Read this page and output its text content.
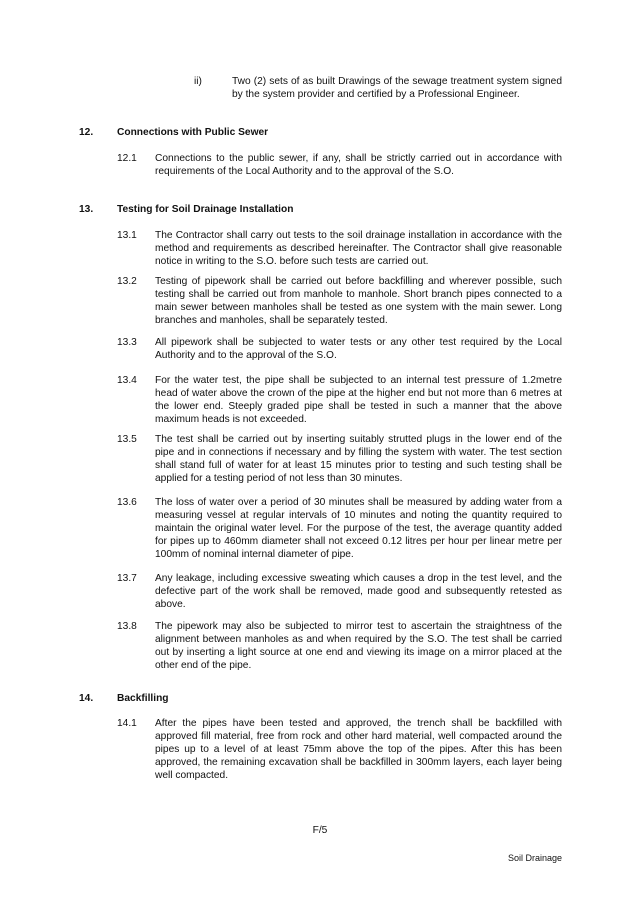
ii)	Two (2) sets of as built Drawings of the sewage treatment system signed by the system provider and certified by a Professional Engineer.
12. Connections with Public Sewer
12.1 Connections to the public sewer, if any, shall be strictly carried out in accordance with requirements of the Local Authority and to the approval of the S.O.
13. Testing for Soil Drainage Installation
13.1 The Contractor shall carry out tests to the soil drainage installation in accordance with the method and requirements as described hereinafter. The Contractor shall give reasonable notice in writing to the S.O. before such tests are carried out.
13.2 Testing of pipework shall be carried out before backfilling and wherever possible, such testing shall be carried out from manhole to manhole. Short branch pipes connected to a main sewer between manholes shall be tested as one system with the main sewer. Long branches and manholes, shall be separately tested.
13.3 All pipework shall be subjected to water tests or any other test required by the Local Authority and to the approval of the S.O.
13.4 For the water test, the pipe shall be subjected to an internal test pressure of 1.2metre head of water above the crown of the pipe at the higher end but not more than 6 metres at the lower end. Steeply graded pipe shall be tested in such a manner that the above maximum heads is not exceeded.
13.5 The test shall be carried out by inserting suitably strutted plugs in the lower end of the pipe and in connections if necessary and by filling the system with water. The test section shall stand full of water for at least 15 minutes prior to testing and such testing shall be applied for a testing period of not less than 30 minutes.
13.6 The loss of water over a period of 30 minutes shall be measured by adding water from a measuring vessel at regular intervals of 10 minutes and noting the quantity required to maintain the original water level. For the purpose of the test, the average quantity added for pipes up to 460mm diameter shall not exceed 0.12 litres per hour per linear metre per 100mm of nominal internal diameter of pipe.
13.7 Any leakage, including excessive sweating which causes a drop in the test level, and the defective part of the work shall be removed, made good and subsequently retested as above.
13.8 The pipework may also be subjected to mirror test to ascertain the straightness of the alignment between manholes as and when required by the S.O. The test shall be carried out by inserting a light source at one end and viewing its image on a mirror placed at the other end of the pipe.
14. Backfilling
14.1 After the pipes have been tested and approved, the trench shall be backfilled with approved fill material, free from rock and other hard material, well compacted around the pipes up to a level of at least 75mm above the top of the pipes. After this has been approved, the remaining excavation shall be backfilled in 300mm layers, each layer being well compacted.
F/5
Soil Drainage
